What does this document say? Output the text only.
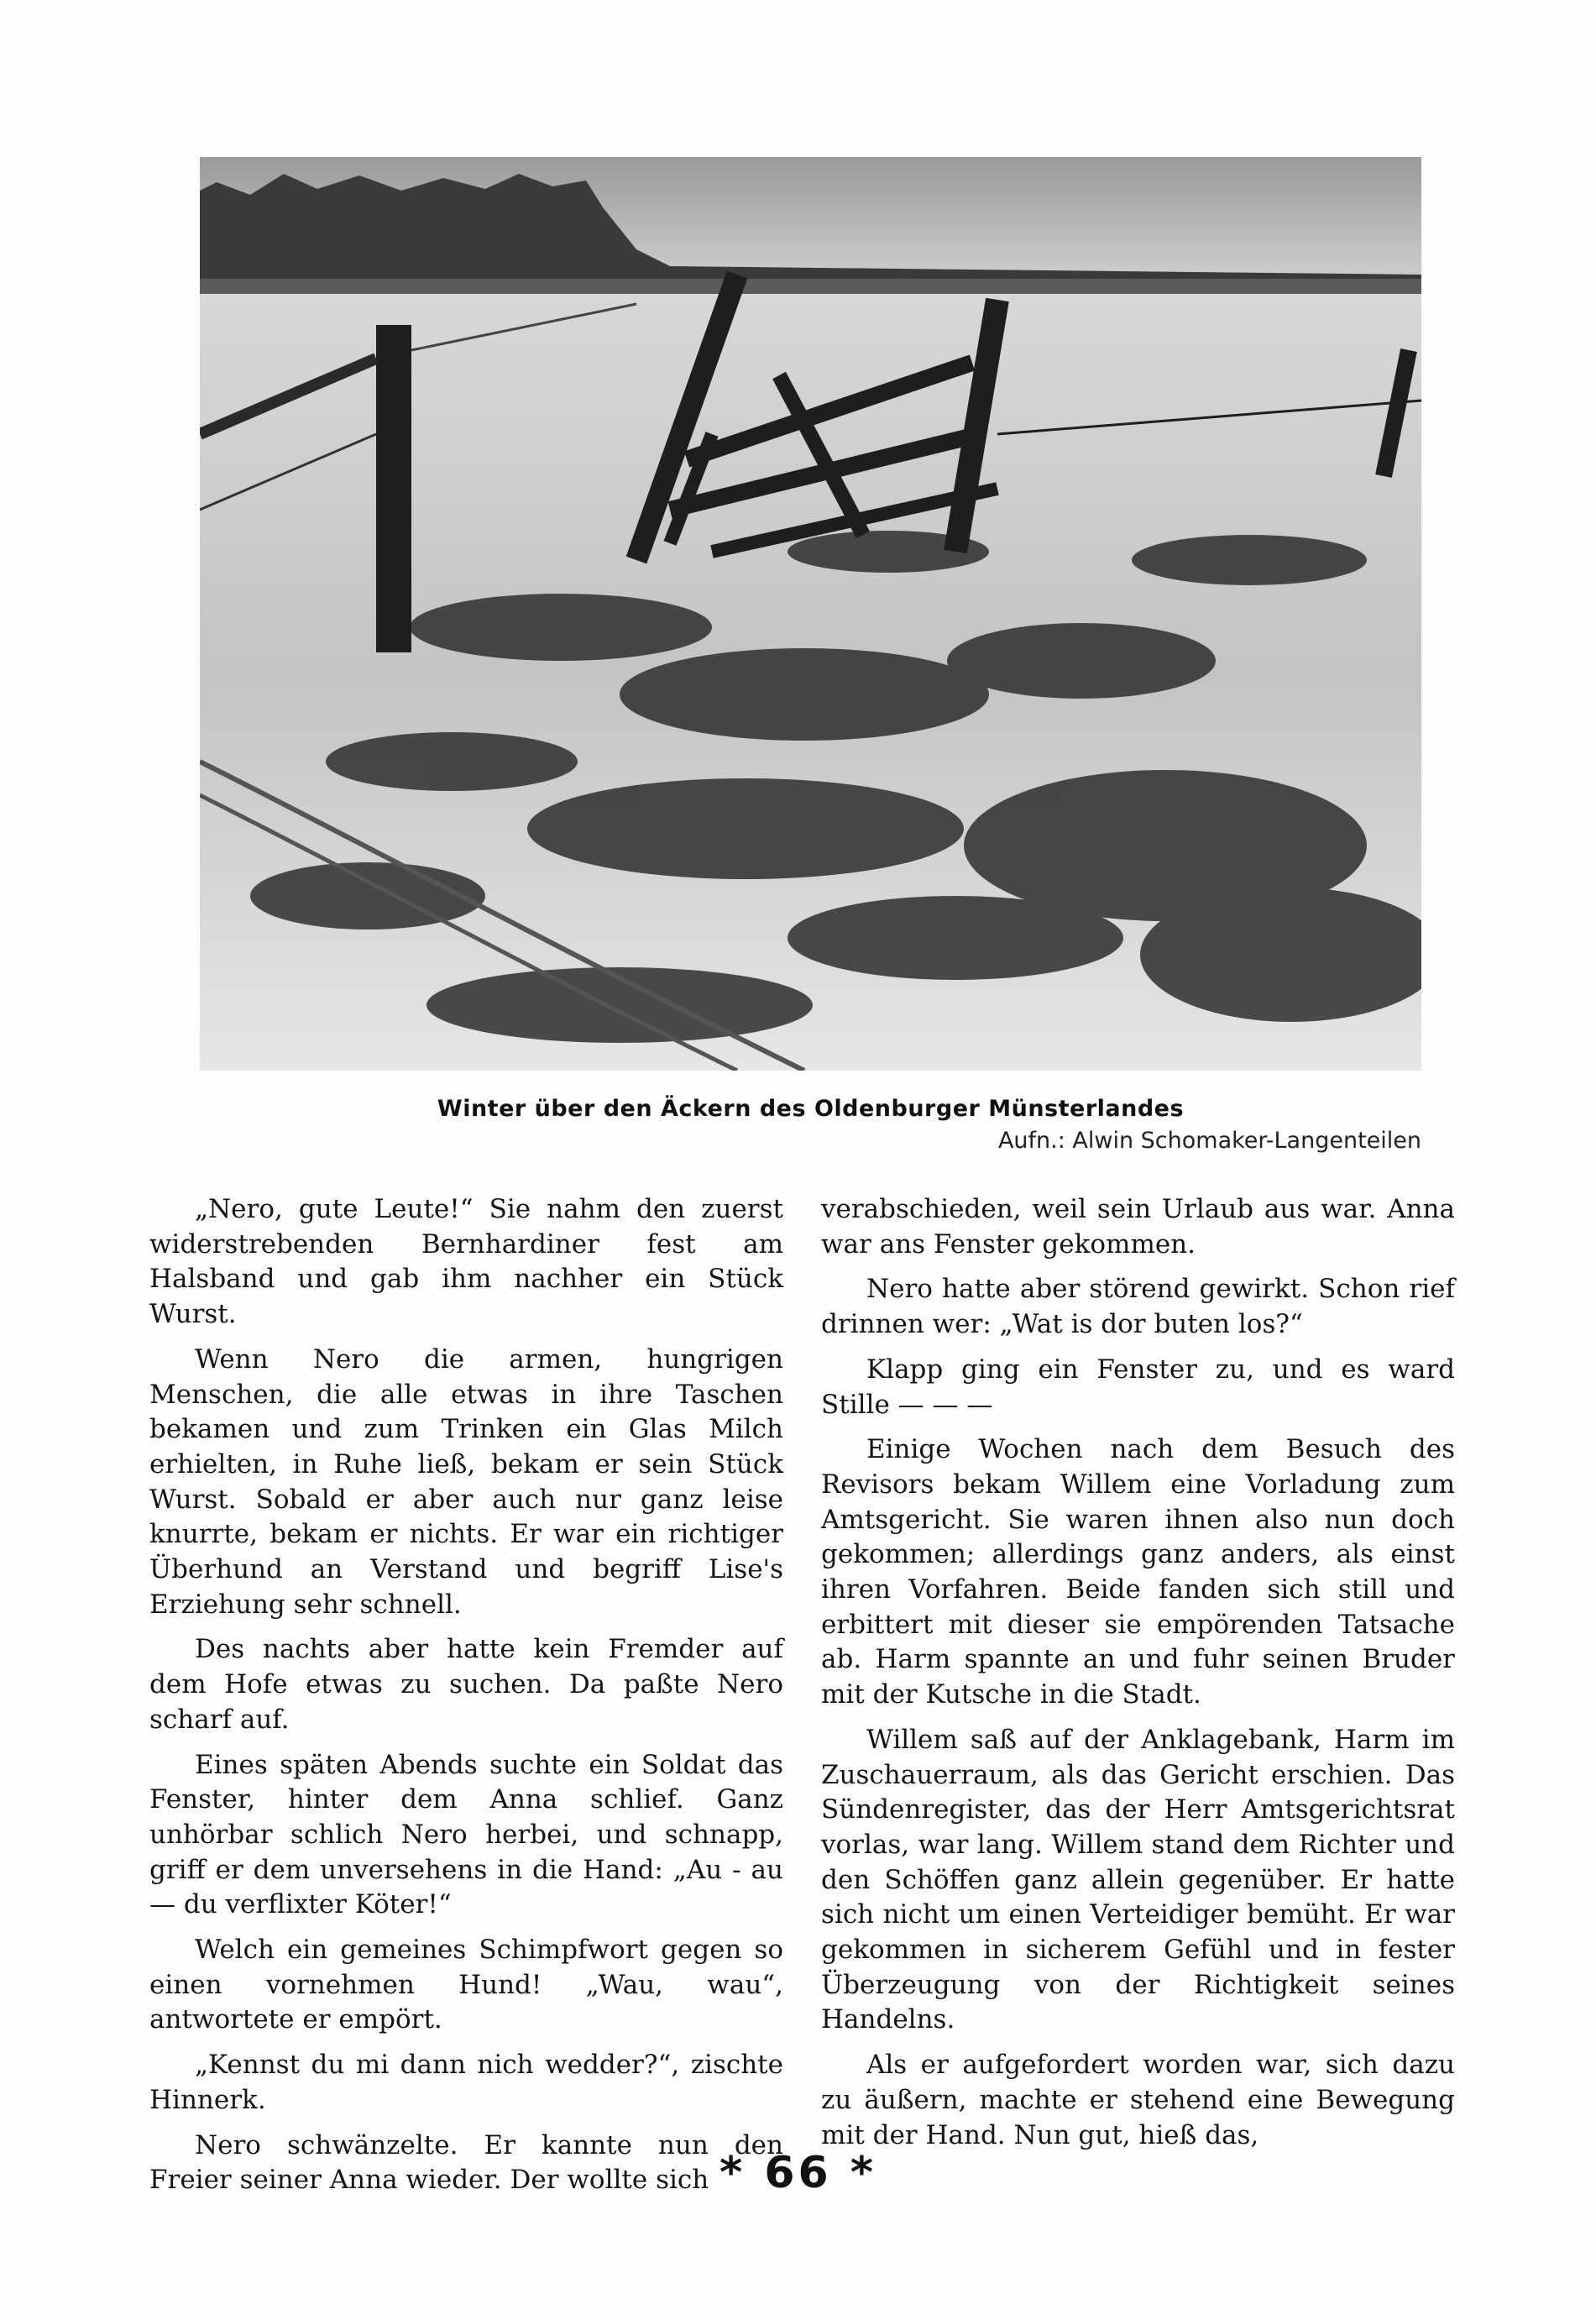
Winter über den Äckern des Oldenburger Münsterlandes
Aufn.: Alwin Schomaker-Langenteilen

„Nero, gute Leute!“ Sie nahm den zuerst widerstrebenden Bernhardiner fest am Halsband und gab ihm nachher ein Stück Wurst.

Wenn Nero die armen, hungrigen Menschen, die alle etwas in ihre Taschen bekamen und zum Trinken ein Glas Milch erhielten, in Ruhe ließ, bekam er sein Stück Wurst. Sobald er aber auch nur ganz leise knurrte, bekam er nichts. Er war ein richtiger Überhund an Verstand und begriff Lise's Erziehung sehr schnell.

Des nachts aber hatte kein Fremder auf dem Hofe etwas zu suchen. Da paßte Nero scharf auf.

Eines späten Abends suchte ein Soldat das Fenster, hinter dem Anna schlief. Ganz unhörbar schlich Nero herbei, und schnapp, griff er dem unversehens in die Hand: „Au - au — du verflixter Köter!“

Welch ein gemeines Schimpfwort gegen so einen vornehmen Hund! „Wau, wau“, antwortete er empört.

„Kennst du mi dann nich wedder?“, zischte Hinnerk.

Nero schwänzelte. Er kannte nun den Freier seiner Anna wieder. Der wollte sich

verabschieden, weil sein Urlaub aus war. Anna war ans Fenster gekommen.

Nero hatte aber störend gewirkt. Schon rief drinnen wer: „Wat is dor buten los?“

Klapp ging ein Fenster zu, und es ward Stille — — —

Einige Wochen nach dem Besuch des Revisors bekam Willem eine Vorladung zum Amtsgericht. Sie waren ihnen also nun doch gekommen; allerdings ganz anders, als einst ihren Vorfahren. Beide fanden sich still und erbittert mit dieser sie empörenden Tatsache ab. Harm spannte an und fuhr seinen Bruder mit der Kutsche in die Stadt.

Willem saß auf der Anklagebank, Harm im Zuschauerraum, als das Gericht erschien. Das Sündenregister, das der Herr Amtsgerichtsrat vorlas, war lang. Willem stand dem Richter und den Schöffen ganz allein gegenüber. Er hatte sich nicht um einen Verteidiger bemüht. Er war gekommen in sicherem Gefühl und in fester Überzeugung von der Richtigkeit seines Handelns.

Als er aufgefordert worden war, sich dazu zu äußern, machte er stehend eine Bewegung mit der Hand. Nun gut, hieß das,

* 66 *
